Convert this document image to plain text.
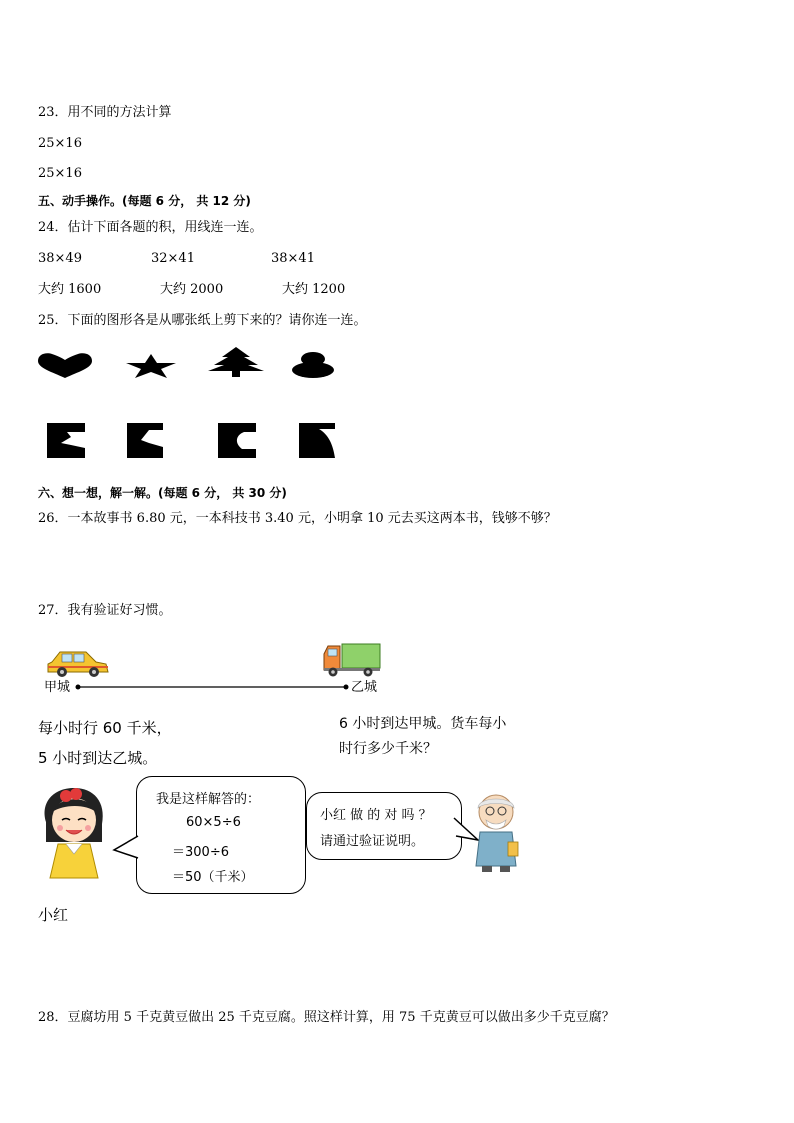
23．用不同的方法计算
25×16
25×16
五、动手操作。(每题 6 分， 共 12 分)
24．估计下面各题的积，用线连一连。
38×49	32×41	38×41
大约 1600	大约 2000	大约 1200
25．下面的图形各是从哪张纸上剪下来的？请你连一连。
六、想一想，解一解。(每题 6 分， 共 30 分)
26．一本故事书 6.80 元，一本科技书 3.40 元，小明拿 10 元去买这两本书，钱够不够？
27．我有验证好习惯。
甲城	乙城
每小时行 60 千米，
5 小时到达乙城。
6 小时到达甲城。货车每小
时行多少千米？
我是这样解答的：
60×5÷6
＝300÷6
＝50（千米）
小红 做 的 对 吗 ？
请通过验证说明。
小红
28．豆腐坊用 5 千克黄豆做出 25 千克豆腐。照这样计算，用 75 千克黄豆可以做出多少千克豆腐？
